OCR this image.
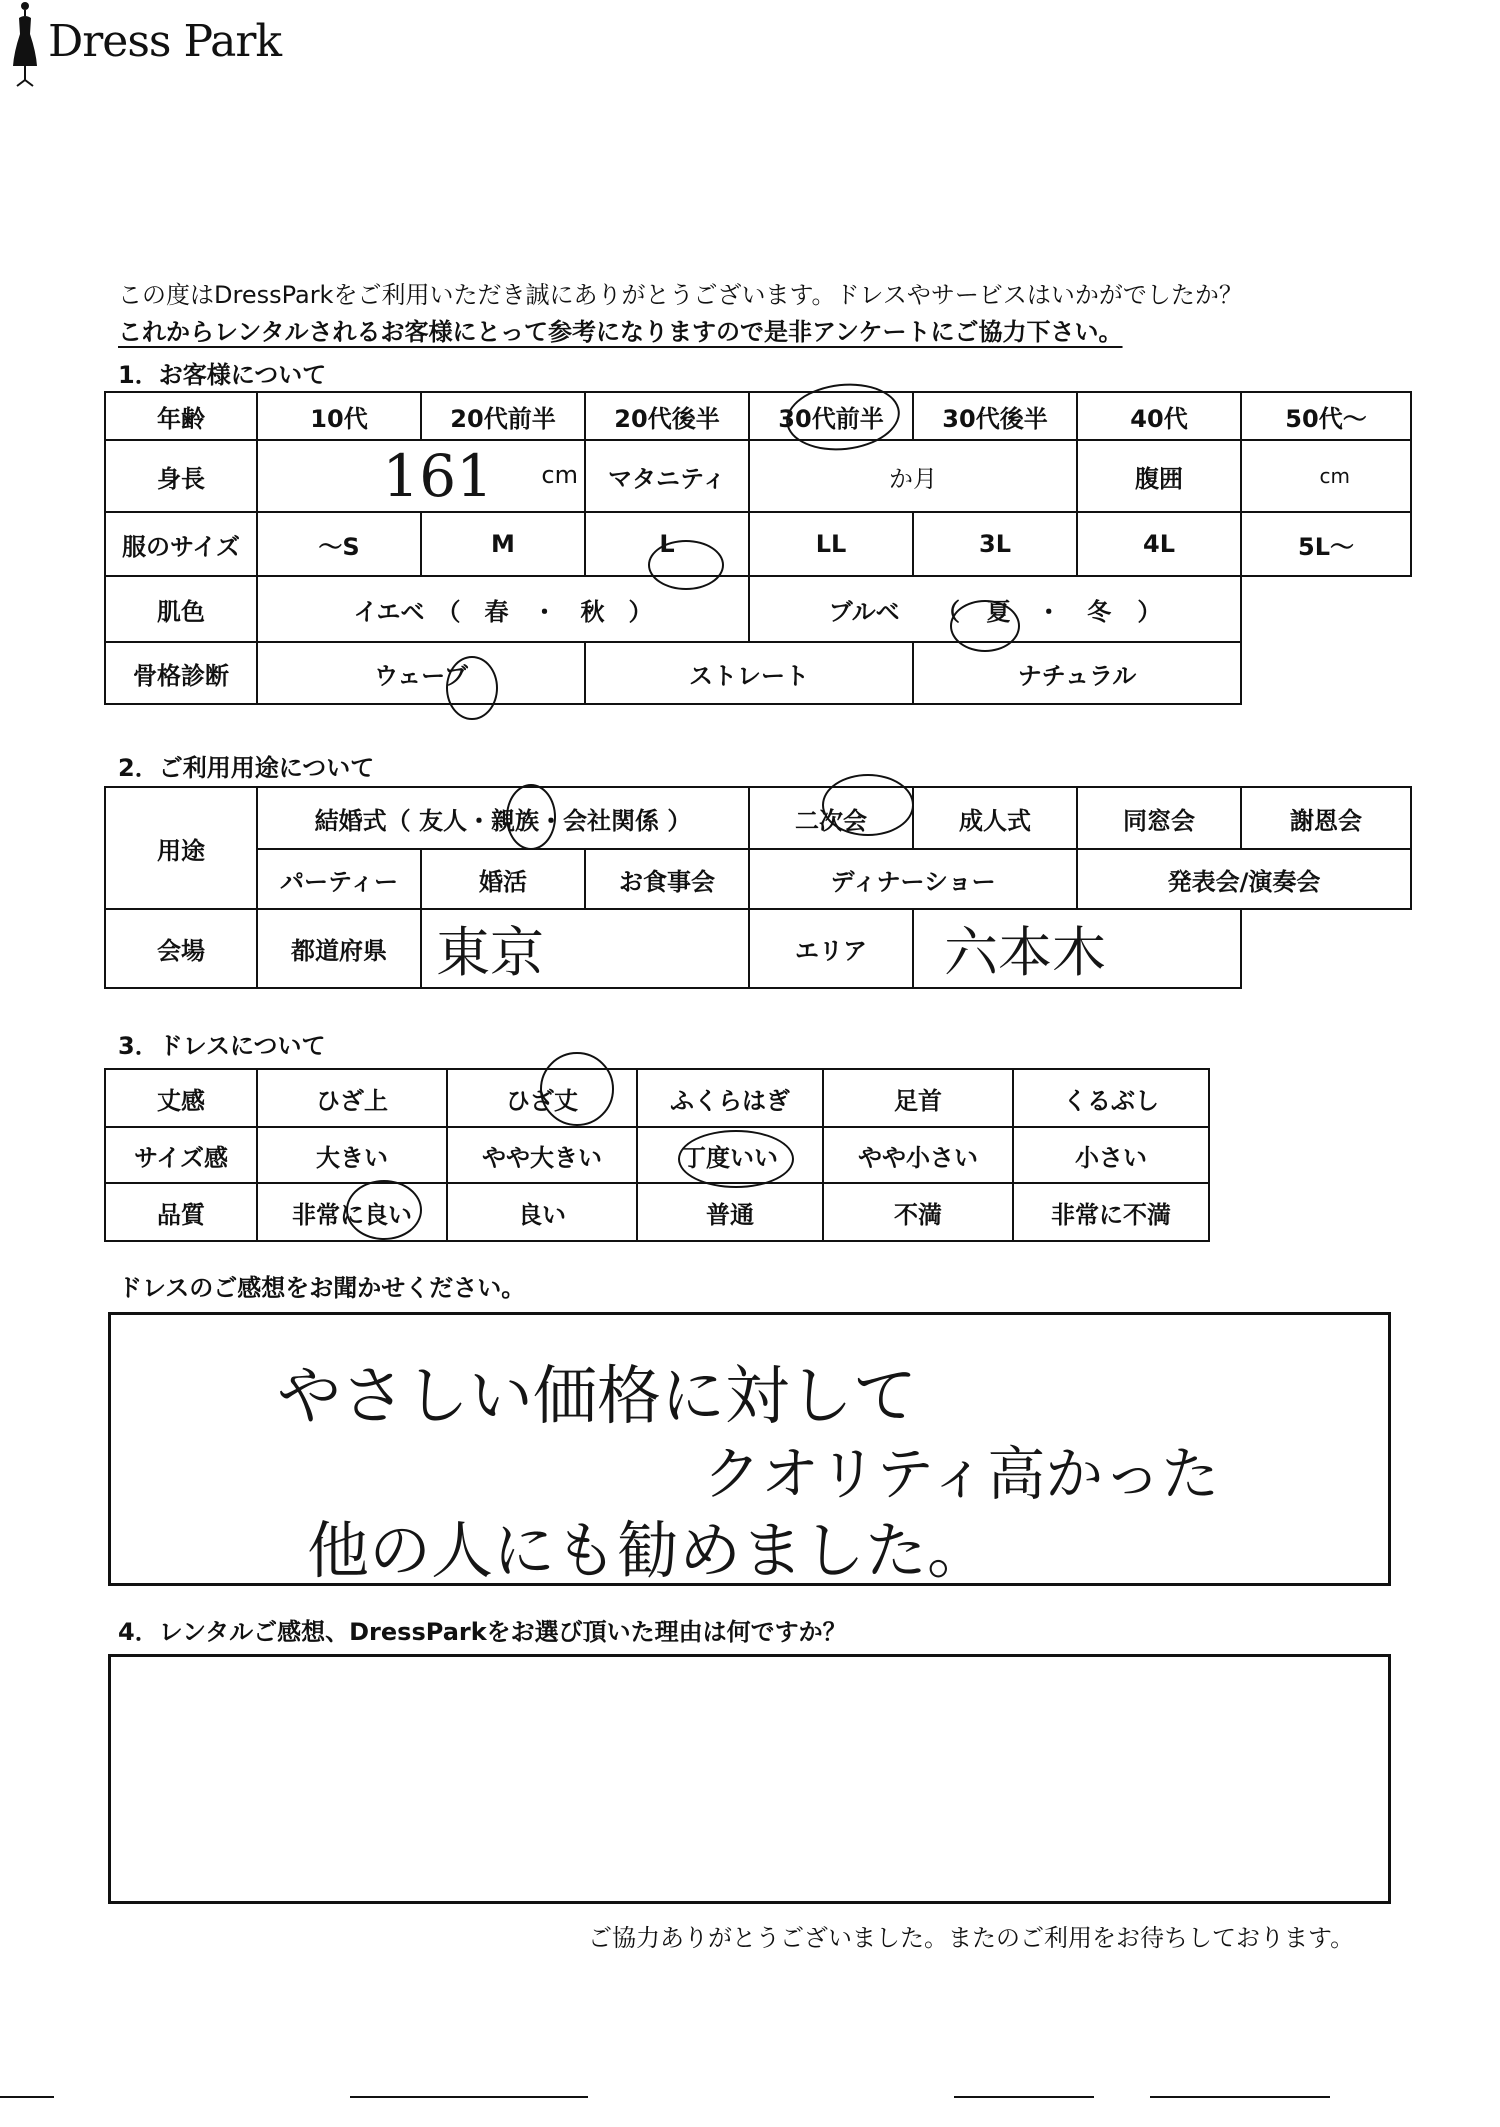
Dress Park
この度はDressParkをご利用いただき誠にありがとうございます。ドレスやサービスはいかがでしたか？
これからレンタルされるお客様にとって参考になりますので是非アンケートにご協力下さい。
1．お客様について
年齢	10代	20代前半	20代後半	30代前半	30代後半	40代	50代～
身長	161 cm		マタニティ	か月		腹囲	cm
服のサイズ	～S	M	L	LL	3L	4L	5L～
肌色	イエベ　（　春　・　秋　）			ブルベ （ 夏 ・ 冬 ）			
骨格診断	ウェーブ		ストレート		ナチュラル		
2．ご利用用途について
用途	結婚式（ 友人・親族・会社関係 ）			二次会	成人式	同窓会	謝恩会
	パーティー	婚活	お食事会	ディナーショー		発表会/演奏会	
会場	都道府県	東京		エリア	六本木		
3．ドレスについて
丈感	ひざ上	ひざ丈	ふくらはぎ	足首	くるぶし
サイズ感	大きい	やや大きい	丁度いい	やや小さい	小さい
品質	非常に良い	良い	普通	不満	非常に不満
ドレスのご感想をお聞かせください。
やさしい価格に対して
クオリティ高かった
他の人にも勧めました。
4．レンタルご感想、DressParkをお選び頂いた理由は何ですか？
ご協力ありがとうございました。またのご利用をお待ちしております。
